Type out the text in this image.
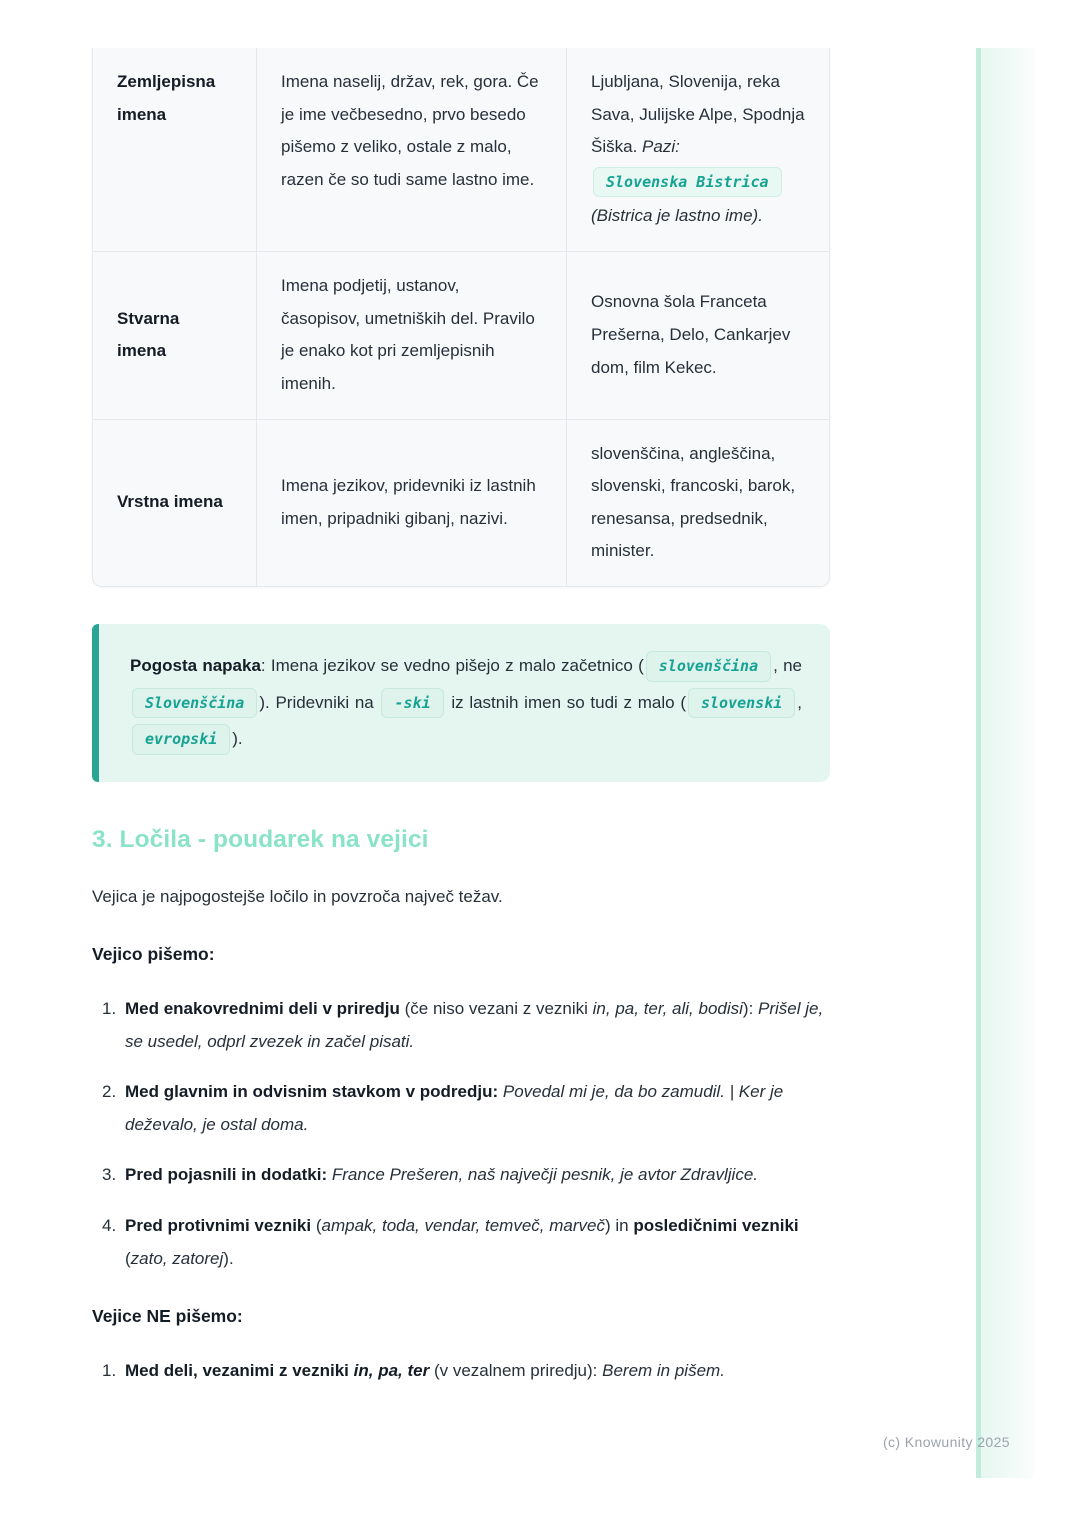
Zemljepisna imena	Imena naselij, držav, rek, gora. Če je ime večbesedno, prvo besedo pišemo z veliko, ostale z malo, razen če so tudi same lastno ime.	Ljubljana, Slovenija, reka Sava, Julijske Alpe, Spodnja Šiška. Pazi:
Slovenska Bistrica
(Bistrica je lastno ime).
Stvarna imena	Imena podjetij, ustanov, časopisov, umetniških del. Pravilo je enako kot pri zemljepisnih imenih.	Osnovna šola Franceta Prešerna, Delo, Cankarjev dom, film Kekec.
Vrstna imena	Imena jezikov, pridevniki iz lastnih imen, pripadniki gibanj, nazivi.	slovenščina, angleščina, slovenski, francoski, barok, renesansa, predsednik, minister.
Pogosta napaka: Imena jezikov se vedno pišejo z malo začetnico ( slovenščina , ne Slovenščina ). Pridevniki na -ski iz lastnih imen so tudi z malo ( slovenski , evropski ).
3. Ločila - poudarek na vejici

Vejica je najpogostejše ločilo in povzroča največ težav.

Vejico pišemo:
1. Med enakovrednimi deli v priredju (če niso vezani z vezniki in, pa, ter, ali, bodisi): Prišel je, se usedel, odprl zvezek in začel pisati.
2. Med glavnim in odvisnim stavkom v podredju: Povedal mi je, da bo zamudil. | Ker je deževalo, je ostal doma.
3. Pred pojasnili in dodatki: France Prešeren, naš največji pesnik, je avtor Zdravljice.
4. Pred protivnimi vezniki (ampak, toda, vendar, temveč, marveč) in posledičnimi vezniki (zato, zatorej).
Vejice NE pišemo:
1. Med deli, vezanimi z vezniki in, pa, ter (v vezalnem priredju): Berem in pišem.
(c) Knowunity 2025
